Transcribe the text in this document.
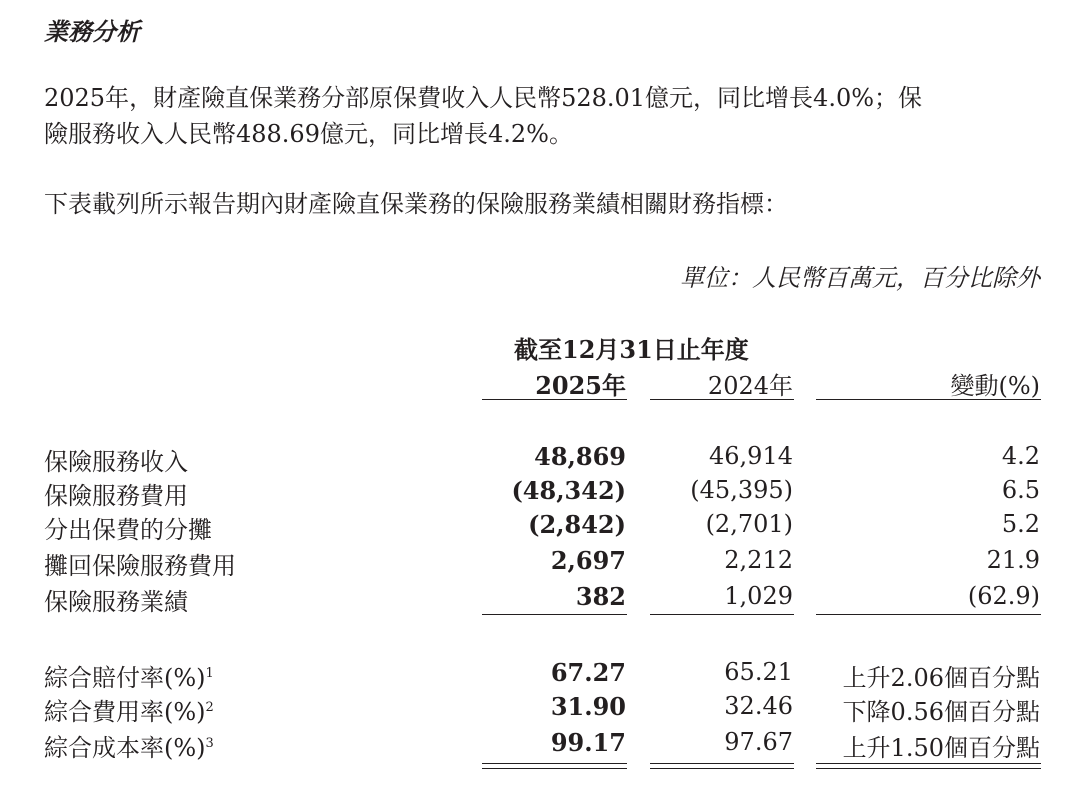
業務分析
2025年，財產險直保業務分部原保費收入人民幣528.01億元，同比增長4.0%；保
險服務收入人民幣488.69億元，同比增長4.2%。
下表載列所示報告期內財產險直保業務的保險服務業績相關財務指標：
單位：人民幣百萬元，百分比除外
截至12月31日止年度
2025年	2024年	變動(%)
保險服務收入	48,869	46,914	4.2
保險服務費用	(48,342)	(45,395)	6.5
分出保費的分攤	(2,842)	(2,701)	5.2
攤回保險服務費用	2,697	2,212	21.9
保險服務業績	382	1,029	(62.9)
綜合賠付率(%)$^1$	67.27	65.21 上升2.06個百分點
綜合費用率(%)$^2$	31.90	32.46 下降0.56個百分點
綜合成本率(%)$^3$	99.17	97.67 上升1.50個百分點
